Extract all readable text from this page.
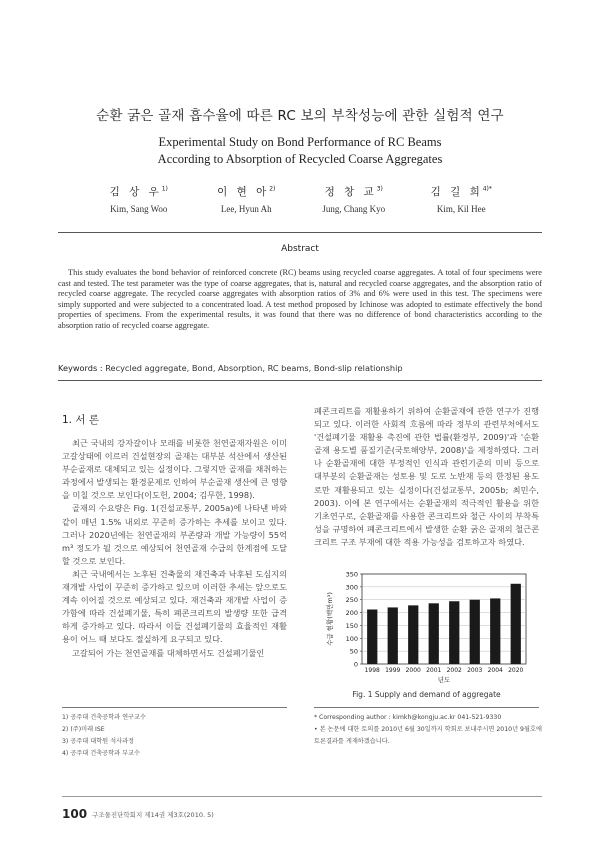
순환 굵은 골재 흡수율에 따른 RC 보의 부착성능에 관한 실험적 연구
Experimental Study on Bond Performance of RC Beams
According to Absorption of Recycled Coarse Aggregates
김 상 우$^{1)}$
Kim, Sang Woo
이 현 아$^{2)}$
Lee, Hyun Ah
정 창 교$^{3)}$
Jung, Chang Kyo
김 길 희$^{4)*}$
Kim, Kil Hee
Abstract
This study evaluates the bond behavior of reinforced concrete (RC) beams using recycled coarse aggregates. A total of four specimens were cast and tested. The test parameter was the type of coarse aggregates, that is, natural and recycled coarse aggregates, and the absorption ratio of recycled coarse aggregate. The recycled coarse aggregates with absorption ratios of 3% and 6% were used in this test. The specimens were simply supported and were subjected to a concentrated load. A test method proposed by Ichinose was adopted to estimate effectively the bond properties of specimens. From the experimental results, it was found that there was no difference of bond characteristics according to the absorption ratio of recycled coarse aggregate.
Keywords : Recycled aggregate, Bond, Absorption, RC beams, Bond-slip relationship
1. 서 론

최근 국내의 강자갈이나 모래를 비롯한 천연골재자원은 이미 고갈상태에 이르러 건설현장의 골재는 대부분 석산에서 생산된 부순골재로 대체되고 있는 실정이다. 그렇지만 골재를 채취하는 과정에서 발생되는 환경문제로 인하여 부순골재 생산에 큰 영향을 미칠 것으로 보인다(이도헌, 2004; 김무한, 1998).

골재의 수요량은 Fig. 1(건설교통부, 2005a)에 나타낸 바와 같이 매년 1.5% 내외로 꾸준히 증가하는 추세를 보이고 있다. 그러나 2020년에는 천연골재의 부존량과 개발 가능량이 55억m³ 정도가 될 것으로 예상되어 천연골재 수급의 한계점에 도달할 것으로 보인다.

최근 국내에서는 노후된 건축물의 재건축과 낙후된 도심지의 재개발 사업이 꾸준히 증가하고 있으며 이러한 추세는 앞으로도 계속 이어질 것으로 예상되고 있다. 재건축과 재개발 사업이 증가함에 따라 건설폐기물, 특히 폐콘크리트의 발생량 또한 급격하게 증가하고 있다. 따라서 이들 건설폐기물의 효율적인 재활용이 어느 때 보다도 절실하게 요구되고 있다.

고갈되어 가는 천연골재를 대체하면서도 건설폐기물인

폐콘크리트를 재활용하기 위하여 순환골재에 관한 연구가 진행되고 있다. 이러한 사회적 흐름에 따라 정부의 관련부처에서도 '건설폐기물 재활용 촉진에 관한 법률(환경부, 2009)'과 '순환골재 용도별 품질기준(국토해양부, 2008)'을 제정하였다. 그러나 순환골재에 대한 부정적인 인식과 관련기준의 미비 등으로 대부분의 순환골재는 성토용 및 도로 노반재 등의 한정된 용도로만 재활용되고 있는 실정이다(건설교통부, 2005b; 최민수, 2003). 이에 본 연구에서는 순환골재의 적극적인 활용을 위한 기초연구로, 순환골재를 사용한 콘크리트와 철근 사이의 부착특성을 규명하여 폐콘크리트에서 발생한 순환 굵은 골재의 철근콘크리트 구조 부재에 대한 적용 가능성을 검토하고자 하였다.

0
50
100
150
200
250
300
350
1998 1999 2000 2001 2002 2003 2004 2020
년도
수급 현황(백만m³)
Fig. 1 Supply and demand of aggregate
1) 공주대 건축공학과 연구교수
2) (주)미래 ISE
3) 공주대 대학원 석사과정
4) 공주대 건축공학과 부교수
* Corresponding author : kimkh@kongju.ac.kr 041-521-9330
• 본 논문에 대한 토의를 2010년 6월 30일까지 학회로 보내주시면 2010년 9월호에 토론결과를 게재하겠습니다.
100 구조물진단학회지 제14권 제3호(2010. 5)
